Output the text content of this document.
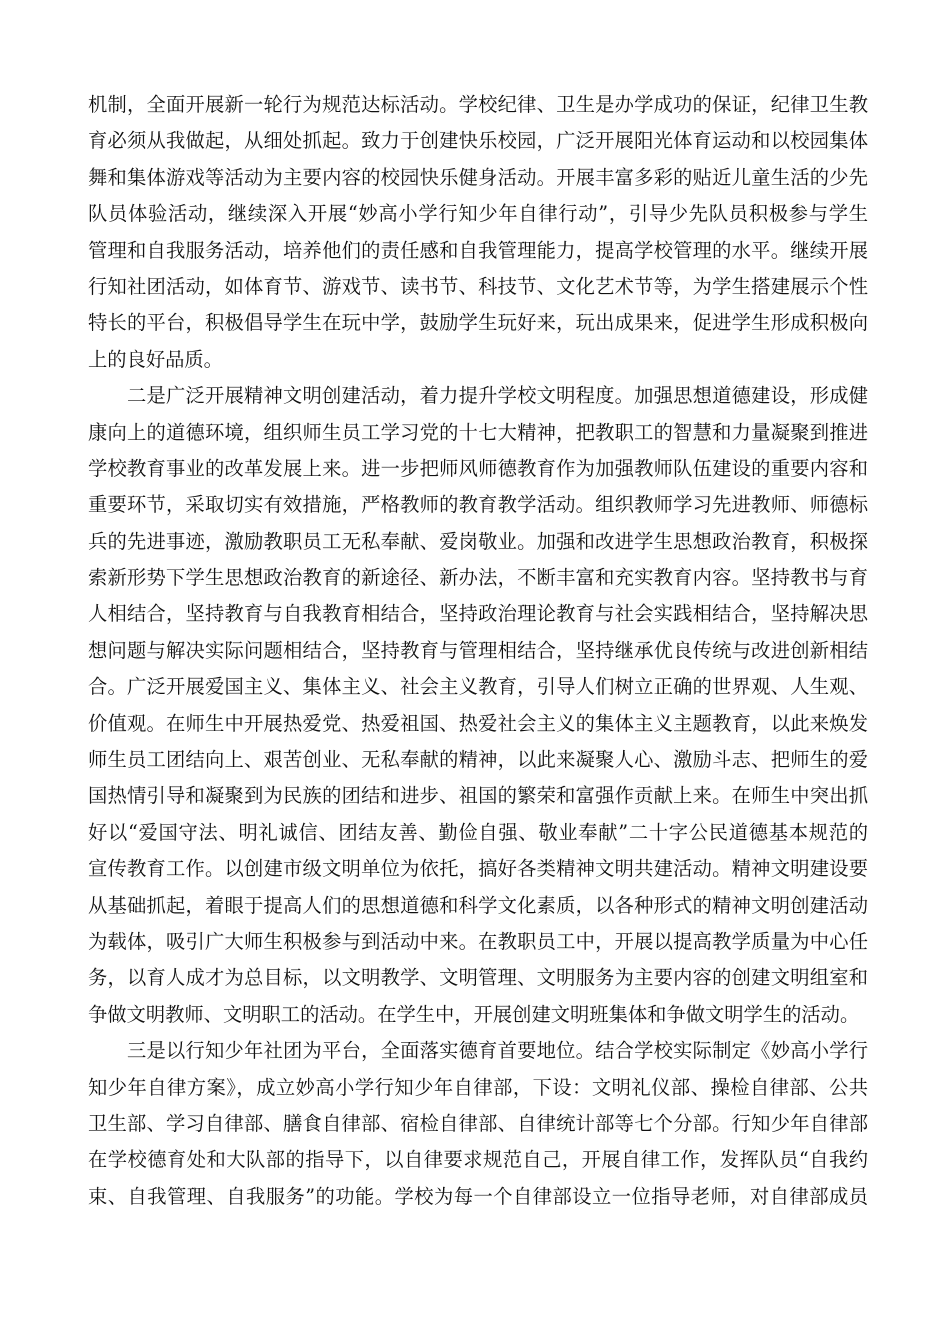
机制，全面开展新一轮行为规范达标活动。学校纪律、卫生是办学成功的保证，纪律卫生教
育必须从我做起，从细处抓起。致力于创建快乐校园，广泛开展阳光体育运动和以校园集体
舞和集体游戏等活动为主要内容的校园快乐健身活动。开展丰富多彩的贴近儿童生活的少先
队员体验活动，继续深入开展“妙高小学行知少年自律行动”，引导少先队员积极参与学生
管理和自我服务活动，培养他们的责任感和自我管理能力，提高学校管理的水平。继续开展
行知社团活动，如体育节、游戏节、读书节、科技节、文化艺术节等，为学生搭建展示个性
特长的平台，积极倡导学生在玩中学，鼓励学生玩好来，玩出成果来，促进学生形成积极向
上的良好品质。
二是广泛开展精神文明创建活动，着力提升学校文明程度。加强思想道德建设，形成健
康向上的道德环境，组织师生员工学习党的十七大精神，把教职工的智慧和力量凝聚到推进
学校教育事业的改革发展上来。进一步把师风师德教育作为加强教师队伍建设的重要内容和
重要环节，采取切实有效措施，严格教师的教育教学活动。组织教师学习先进教师、师德标
兵的先进事迹，激励教职员工无私奉献、爱岗敬业。加强和改进学生思想政治教育，积极探
索新形势下学生思想政治教育的新途径、新办法，不断丰富和充实教育内容。坚持教书与育
人相结合，坚持教育与自我教育相结合，坚持政治理论教育与社会实践相结合，坚持解决思
想问题与解决实际问题相结合，坚持教育与管理相结合，坚持继承优良传统与改进创新相结
合。广泛开展爱国主义、集体主义、社会主义教育，引导人们树立正确的世界观、人生观、
价值观。在师生中开展热爱党、热爱祖国、热爱社会主义的集体主义主题教育，以此来焕发
师生员工团结向上、艰苦创业、无私奉献的精神，以此来凝聚人心、激励斗志、把师生的爱
国热情引导和凝聚到为民族的团结和进步、祖国的繁荣和富强作贡献上来。在师生中突出抓
好以“爱国守法、明礼诚信、团结友善、勤俭自强、敬业奉献”二十字公民道德基本规范的
宣传教育工作。以创建市级文明单位为依托，搞好各类精神文明共建活动。精神文明建设要
从基础抓起，着眼于提高人们的思想道德和科学文化素质，以各种形式的精神文明创建活动
为载体，吸引广大师生积极参与到活动中来。在教职员工中，开展以提高教学质量为中心任
务，以育人成才为总目标，以文明教学、文明管理、文明服务为主要内容的创建文明组室和
争做文明教师、文明职工的活动。在学生中，开展创建文明班集体和争做文明学生的活动。
三是以行知少年社团为平台，全面落实德育首要地位。结合学校实际制定《妙高小学行
知少年自律方案》，成立妙高小学行知少年自律部，下设：文明礼仪部、操检自律部、公共
卫生部、学习自律部、膳食自律部、宿检自律部、自律统计部等七个分部。行知少年自律部
在学校德育处和大队部的指导下，以自律要求规范自己，开展自律工作，发挥队员“自我约
束、自我管理、自我服务”的功能。学校为每一个自律部设立一位指导老师，对自律部成员
